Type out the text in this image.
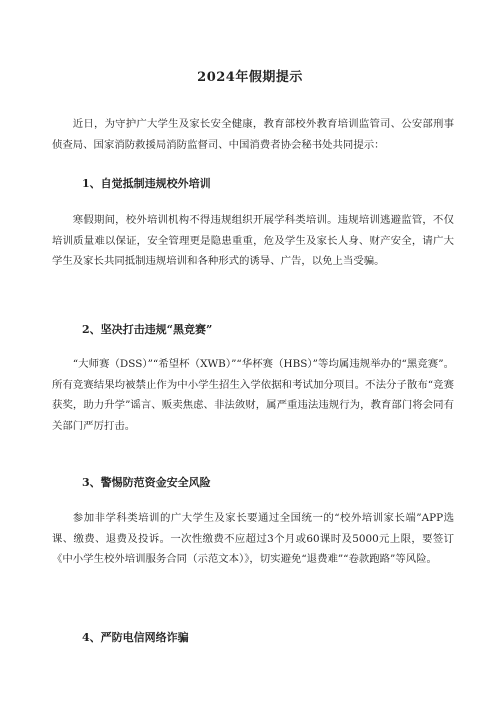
2024年假期提示

近日，为守护广大学生及家长安全健康，教育部校外教育培训监管司、公安部刑事侦查局、国家消防救援局消防监督司、中国消费者协会秘书处共同提示：

1、自觉抵制违规校外培训

寒假期间，校外培训机构不得违规组织开展学科类培训。违规培训逃避监管，不仅培训质量难以保证，安全管理更是隐患重重，危及学生及家长人身、财产安全，请广大学生及家长共同抵制违规培训和各种形式的诱导、广告，以免上当受骗。

2、坚决打击违规“黑竞赛”

“大师赛（DSS）”“希望杯（XWB）”“华杯赛（HBS）”等均属违规举办的“黑竞赛”。所有竞赛结果均被禁止作为中小学生招生入学依据和考试加分项目。不法分子散布“竞赛获奖，助力升学”谣言、贩卖焦虑、非法敛财，属严重违法违规行为，教育部门将会同有关部门严厉打击。

3、警惕防范资金安全风险

参加非学科类培训的广大学生及家长要通过全国统一的“校外培训家长端”APP选课、缴费、退费及投诉。一次性缴费不应超过3个月或60课时及5000元上限，要签订《中小学生校外培训服务合同（示范文本）》，切实避免“退费难”“卷款跑路”等风险。

4、严防电信网络诈骗
